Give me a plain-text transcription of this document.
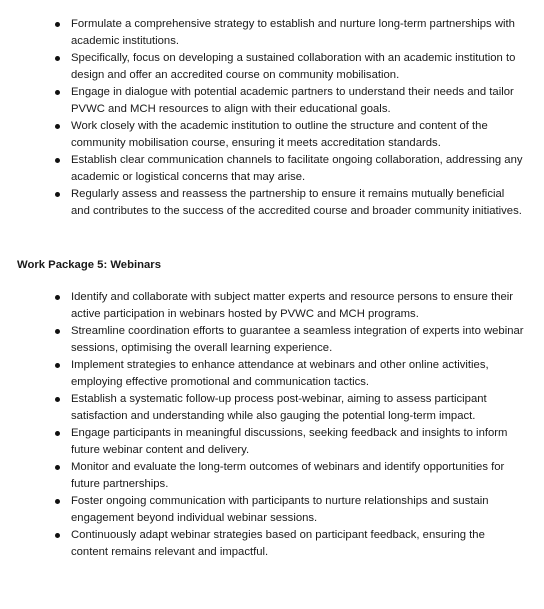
Formulate a comprehensive strategy to establish and nurture long-term partnerships with academic institutions.
Specifically, focus on developing a sustained collaboration with an academic institution to design and offer an accredited course on community mobilisation.
Engage in dialogue with potential academic partners to understand their needs and tailor PVWC and MCH resources to align with their educational goals.
Work closely with the academic institution to outline the structure and content of the community mobilisation course, ensuring it meets accreditation standards.
Establish clear communication channels to facilitate ongoing collaboration, addressing any academic or logistical concerns that may arise.
Regularly assess and reassess the partnership to ensure it remains mutually beneficial and contributes to the success of the accredited course and broader community initiatives.
Work Package 5: Webinars
Identify and collaborate with subject matter experts and resource persons to ensure their active participation in webinars hosted by PVWC and MCH programs.
Streamline coordination efforts to guarantee a seamless integration of experts into webinar sessions, optimising the overall learning experience.
Implement strategies to enhance attendance at webinars and other online activities, employing effective promotional and communication tactics.
Establish a systematic follow-up process post-webinar, aiming to assess participant satisfaction and understanding while also gauging the potential long-term impact.
Engage participants in meaningful discussions, seeking feedback and insights to inform future webinar content and delivery.
Monitor and evaluate the long-term outcomes of webinars and identify opportunities for future partnerships.
Foster ongoing communication with participants to nurture relationships and sustain engagement beyond individual webinar sessions.
Continuously adapt webinar strategies based on participant feedback, ensuring the content remains relevant and impactful.
